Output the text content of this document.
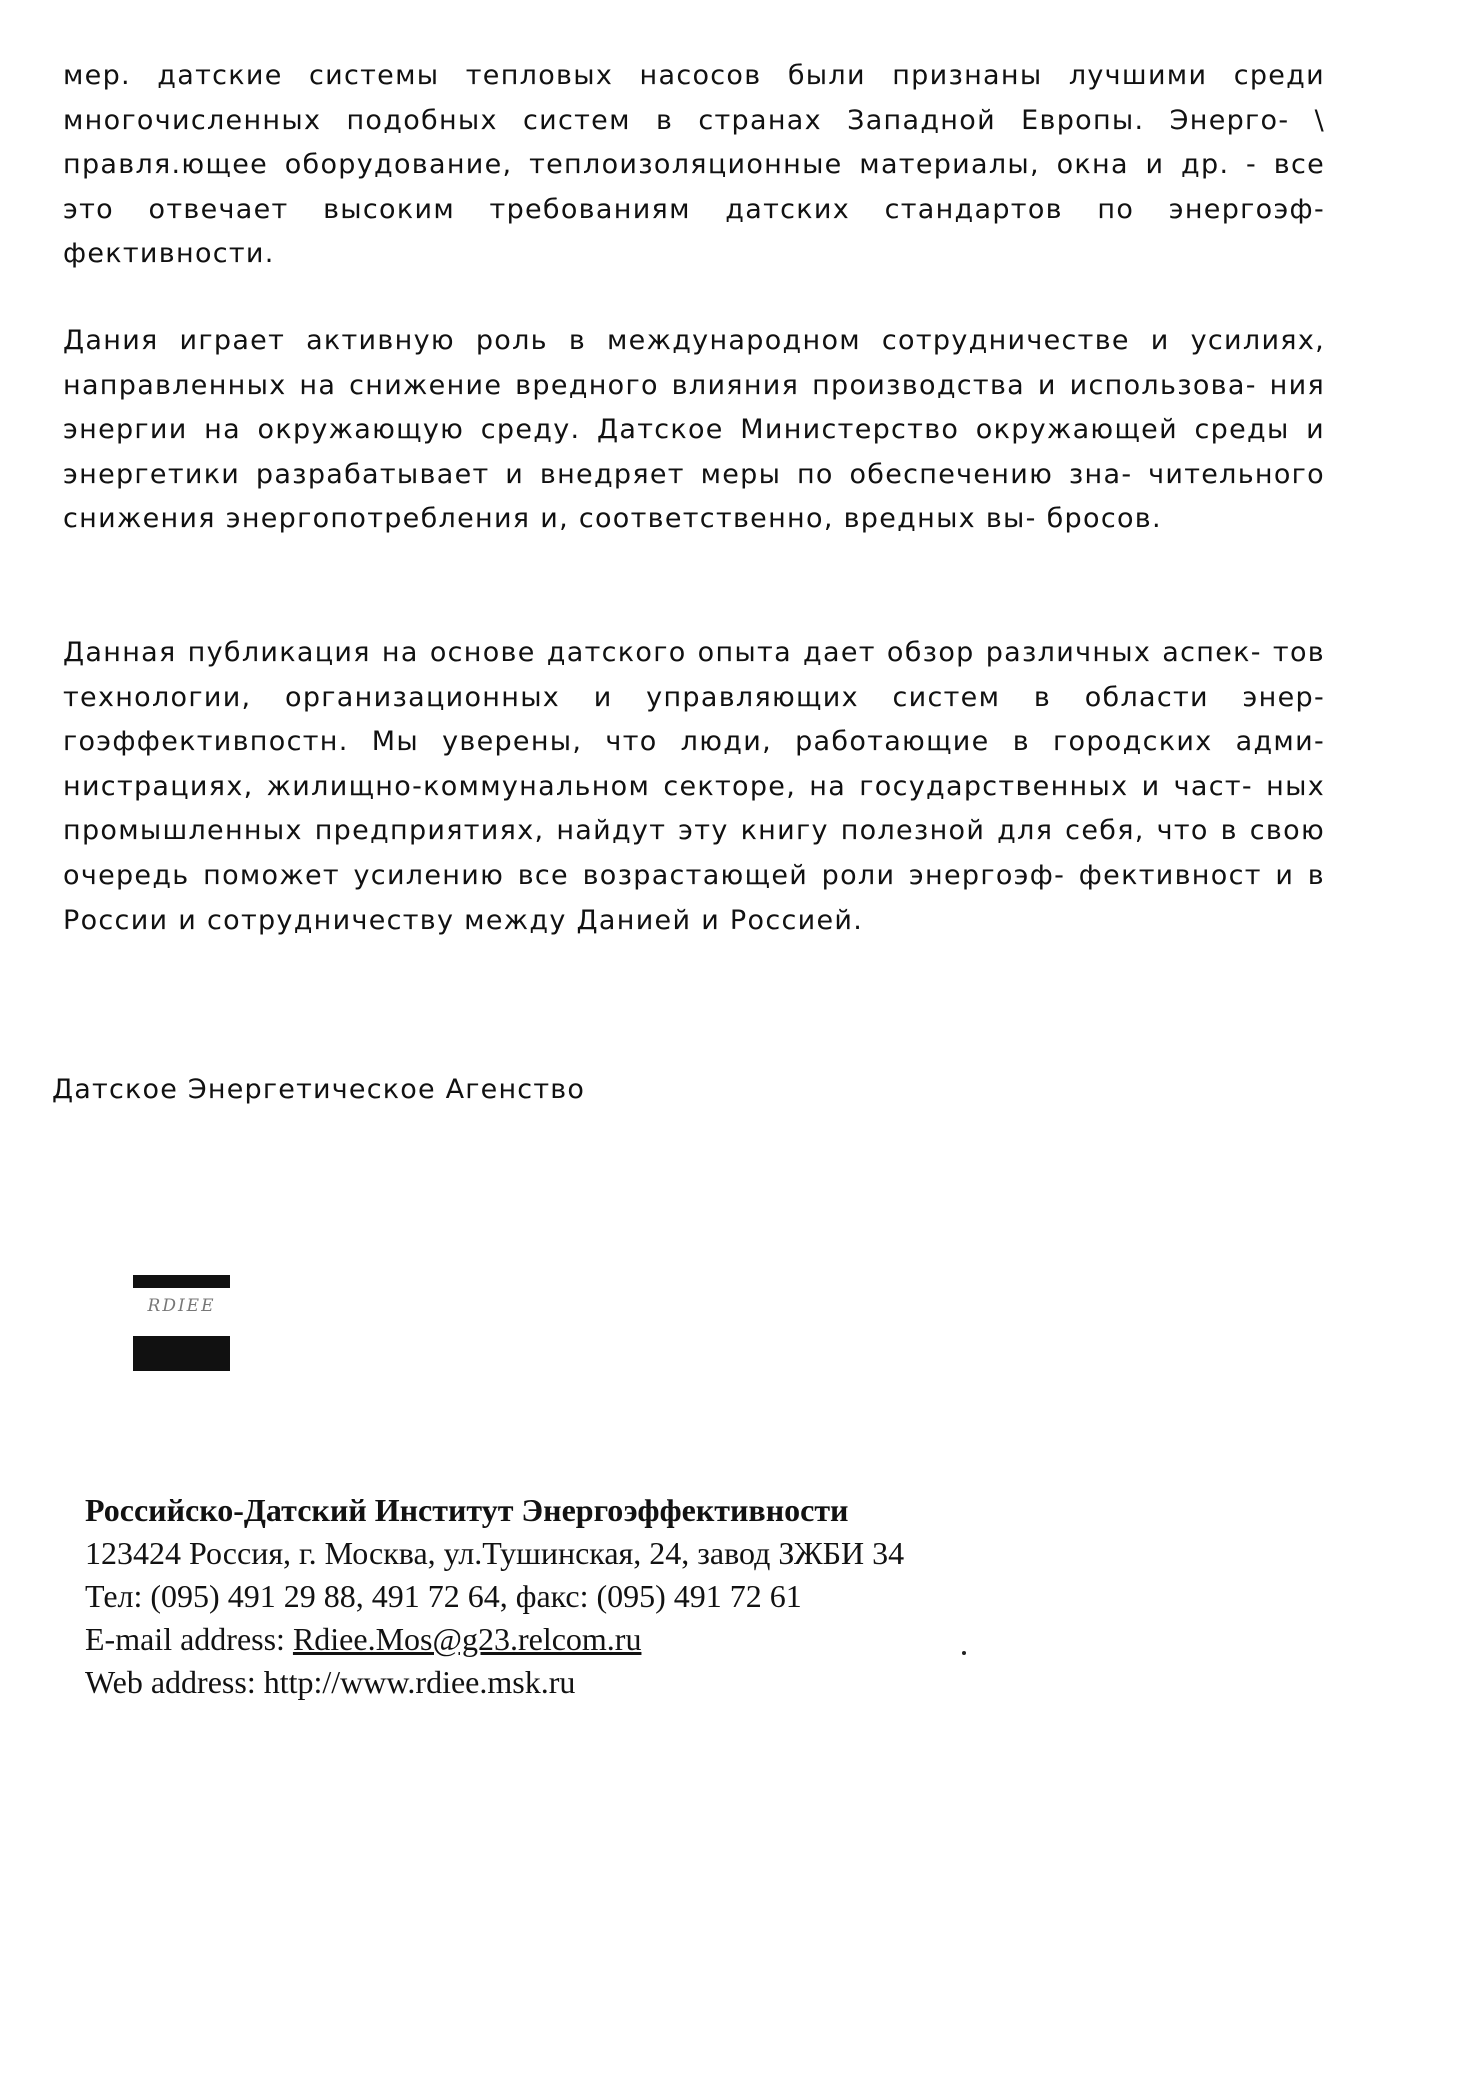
мер. датские системы тепловых насосов были признаны лучшими среди многочисленных подобных систем в странах Западной Европы. Энерго- \ правля.ющее оборудование, теплоизоляционные материалы, окна и др. - все это отвечает высоким требованиям датских стандартов по энергоэф- фективности.

Дания играет активную роль в международном сотрудничестве и усилиях, направленных на снижение вредного влияния производства и использова- ния энергии на окружающую среду. Датское Министерство окружающей среды и энергетики разрабатывает и внедряет меры по обеспечению зна- чительного снижения энергопотребления и, соответственно, вредных вы- бросов.

Данная публикация на основе датского опыта дает обзор различных аспек- тов технологии, организационных и управляющих систем в области энер- гоэффективпостн. Мы уверены, что люди, работающие в городских адми- нистрациях, жилищно-коммунальном секторе, на государственных и част- ных промышленных предприятиях, найдут эту книгу полезной для себя, что в свою очередь поможет усилению все возрастающей роли энергоэф- фективност и в России и сотрудничеству между Данией и Россией.

Датское Энергетическое Агенство

RDIEE
Российско-Датский Институт Энергоэффективности
123424 Россия, г. Москва, ул.Тушинская, 24, завод ЗЖБИ 34
Тел: (095) 491 29 88, 491 72 64, факс: (095) 491 72 61
E-mail address: Rdiee.Mos@g23.relcom.ru
Web address: http://www.rdiee.msk.ru
